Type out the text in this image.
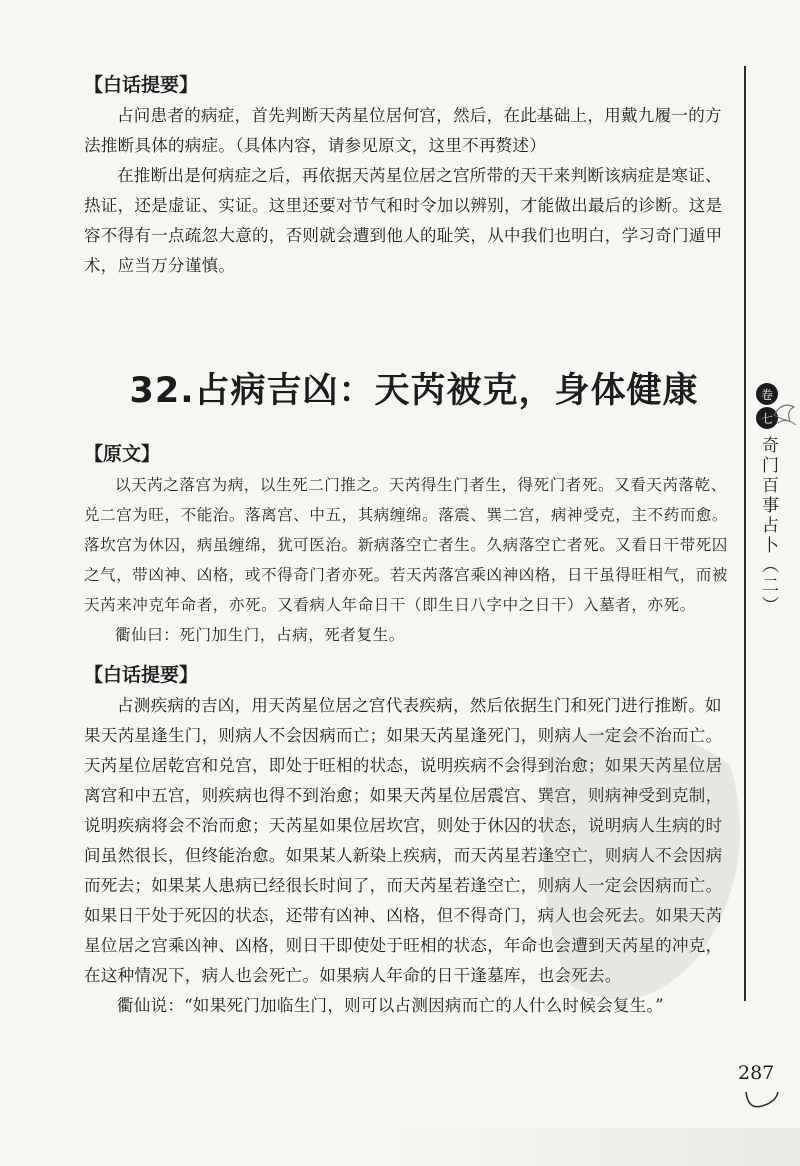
【白话提要】

占问患者的病症，首先判断天芮星位居何宫，然后，在此基础上，用戴九履一的方法推断具体的病症。（具体内容，请参见原文，这里不再赘述）

在推断出是何病症之后，再依据天芮星位居之宫所带的天干来判断该病症是寒证、热证，还是虚证、实证。这里还要对节气和时令加以辨别，才能做出最后的诊断。这是容不得有一点疏忽大意的，否则就会遭到他人的耻笑，从中我们也明白，学习奇门遁甲术，应当万分谨慎。

32.占病吉凶：天芮被克，身体健康
【原文】

以天芮之落宫为病，以生死二门推之。天芮得生门者生，得死门者死。又看天芮落乾、兑二宫为旺，不能治。落离宫、中五，其病缠绵。落震、巽二宫，病神受克，主不药而愈。落坎宫为休囚，病虽缠绵，犹可医治。新病落空亡者生。久病落空亡者死。又看日干带死囚之气，带凶神、凶格，或不得奇门者亦死。若天芮落宫乘凶神凶格，日干虽得旺相气，而被天芮来冲克年命者，亦死。又看病人年命日干（即生日八字中之日干）入墓者，亦死。

衢仙曰：死门加生门，占病，死者复生。

【白话提要】

占测疾病的吉凶，用天芮星位居之宫代表疾病，然后依据生门和死门进行推断。如果天芮星逢生门，则病人不会因病而亡；如果天芮星逢死门，则病人一定会不治而亡。天芮星位居乾宫和兑宫，即处于旺相的状态，说明疾病不会得到治愈；如果天芮星位居离宫和中五宫，则疾病也得不到治愈；如果天芮星位居震宫、巽宫，则病神受到克制，说明疾病将会不治而愈；天芮星如果位居坎宫，则处于休囚的状态，说明病人生病的时间虽然很长，但终能治愈。如果某人新染上疾病，而天芮星若逢空亡，则病人不会因病而死去；如果某人患病已经很长时间了，而天芮星若逢空亡，则病人一定会因病而亡。如果日干处于死囚的状态，还带有凶神、凶格，但不得奇门，病人也会死去。如果天芮星位居之宫乘凶神、凶格，则日干即使处于旺相的状态，年命也会遭到天芮星的冲克，在这种情况下，病人也会死亡。如果病人年命的日干逢墓库，也会死去。

衢仙说：“如果死门加临生门，则可以占测因病而亡的人什么时候会复生。”

卷
七
奇门百事占卜（二）
287
